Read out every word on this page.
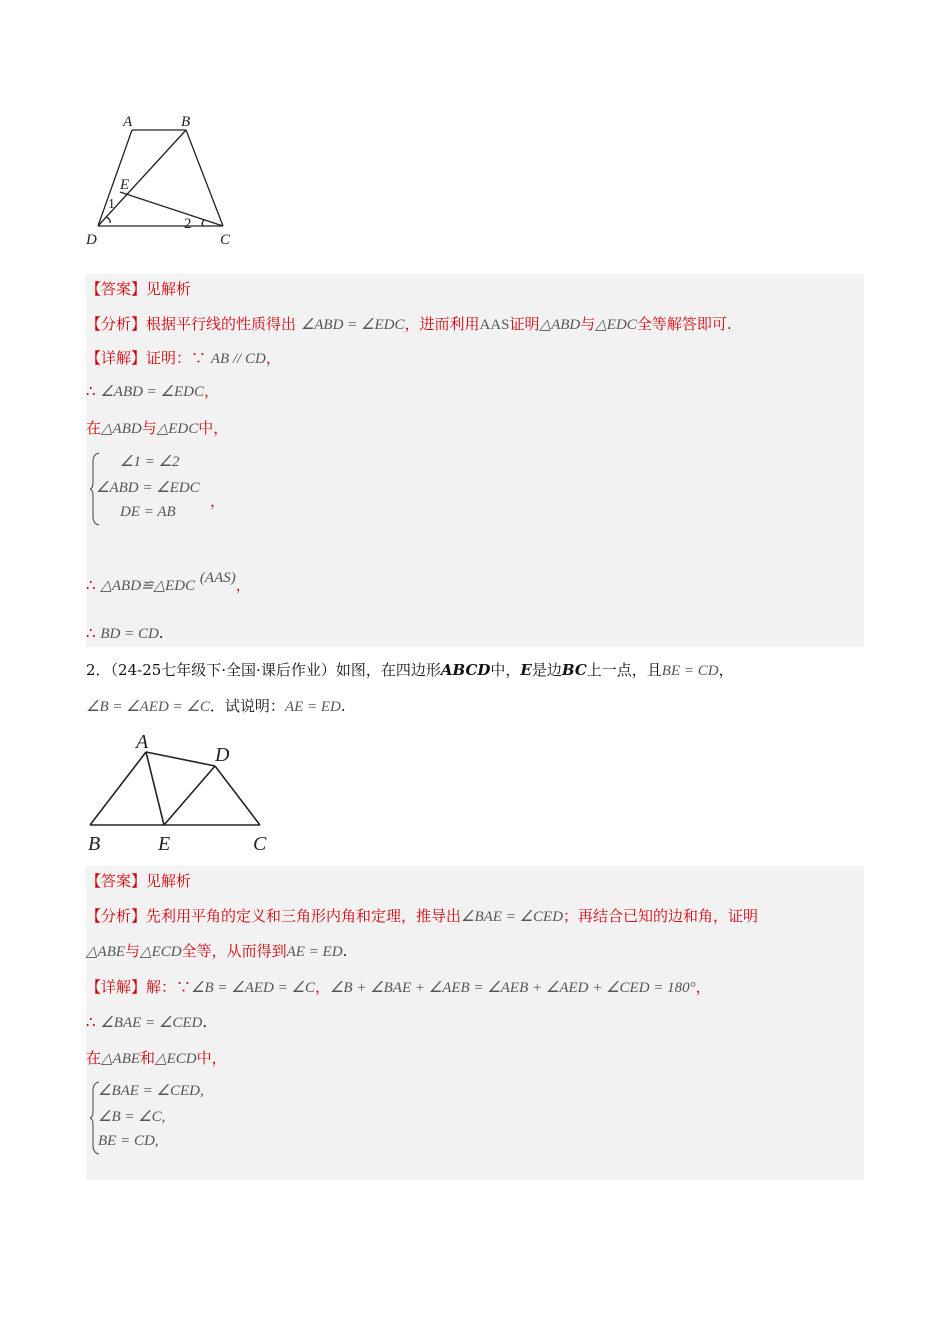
A	B
E
D	C
1
2
【答案】见解析
【分析】根据平行线的性质得出 ∠ABD = ∠EDC，进而利用AAS证明△ABD与△EDC全等解答即可.
【详解】证明：∵ AB // CD，
∴ ∠ABD = ∠EDC，
在△ABD与△EDC中，
∠1 = ∠2
∠ABD = ∠EDC
DE = AB
，
∴ △ABD≌△EDC (AAS)，
∴ BD = CD.
2．（24-25七年级下·全国·课后作业）如图，在四边形ABCD中，E是边BC上一点，且BE = CD，
∠B = ∠AED = ∠C．试说明：AE = ED.
A
D
B	E	C
【答案】见解析
【分析】先利用平角的定义和三角形内角和定理，推导出∠BAE = ∠CED；再结合已知的边和角，证明
△ABE与△ECD全等，从而得到AE = ED.
【详解】解：∵∠B = ∠AED = ∠C，∠B + ∠BAE + ∠AEB = ∠AEB + ∠AED + ∠CED = 180°，
∴ ∠BAE = ∠CED.
在△ABE和△ECD中，
∠BAE = ∠CED,
∠B = ∠C,
BE = CD,
